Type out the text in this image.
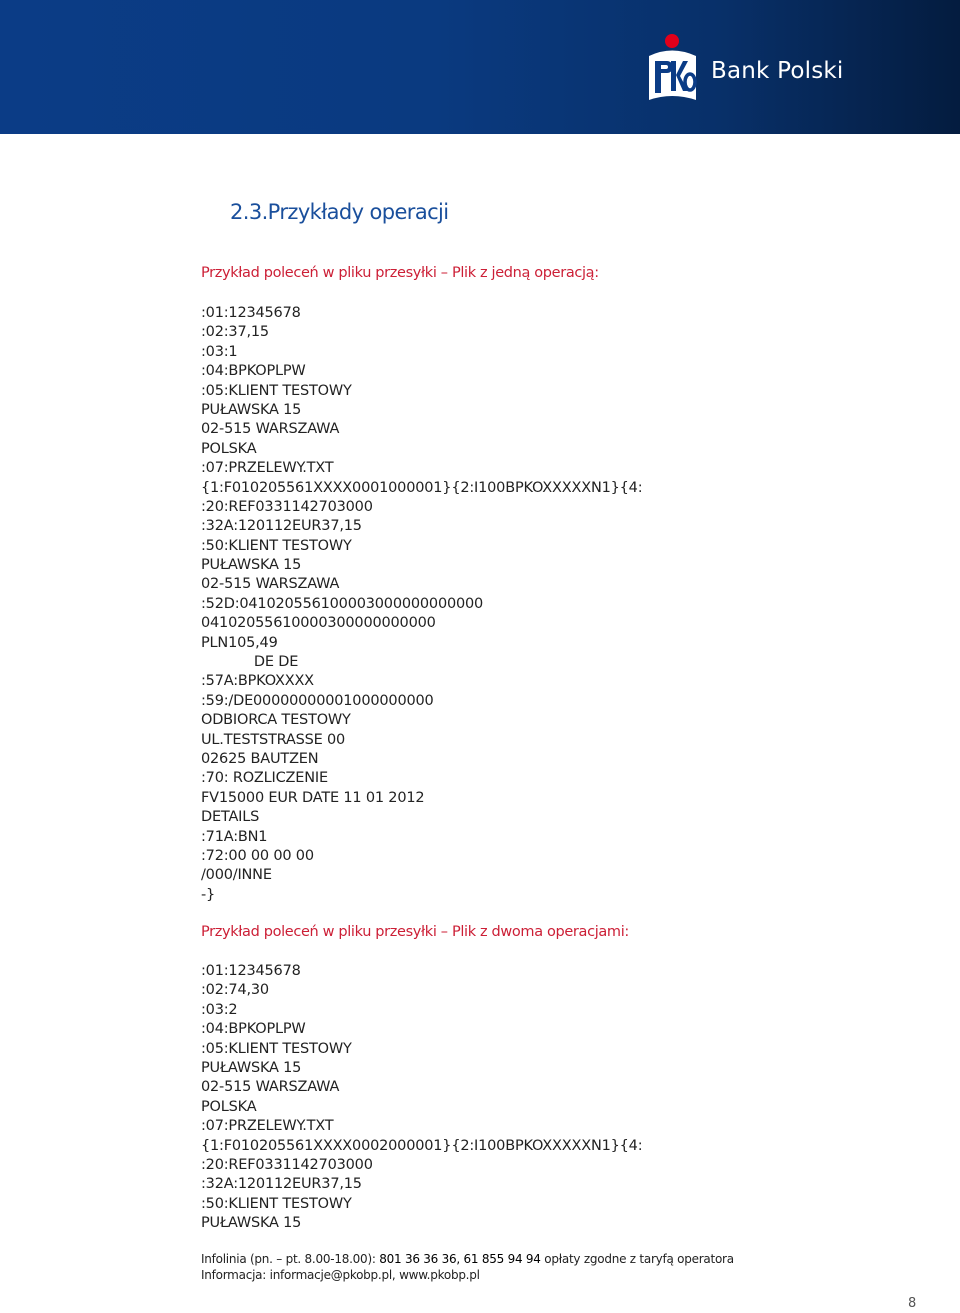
Bank Polski
2.3.Przykłady operacji
Przykład poleceń w pliku przesyłki – Plik z jedną operacją:
:01:12345678
:02:37,15
:03:1
:04:BPKOPLPW
:05:KLIENT TESTOWY
PUŁAWSKA 15
02-515 WARSZAWA
POLSKA
:07:PRZELEWY.TXT
{1:F010205561XXXX0001000001}{2:I100BPKOXXXXXN1}{4:
:20:REF0331142703000
:32A:120112EUR37,15
:50:KLIENT TESTOWY
PUŁAWSKA 15
02-515 WARSZAWA
:52D:041020556100003000000000000
04102055610000300000000000
PLN105,49
DE DE
:57A:BPKOXXXX
:59:/DE00000000001000000000
ODBIORCA TESTOWY
UL.TESTSTRASSE 00
02625 BAUTZEN
:70: ROZLICZENIE
FV15000 EUR DATE 11 01 2012
DETAILS
:71A:BN1
:72:00 00 00 00
/000/INNE
-}
Przykład poleceń w pliku przesyłki – Plik z dwoma operacjami:
:01:12345678
:02:74,30
:03:2
:04:BPKOPLPW
:05:KLIENT TESTOWY
PUŁAWSKA 15
02-515 WARSZAWA
POLSKA
:07:PRZELEWY.TXT
{1:F010205561XXXX0002000001}{2:I100BPKOXXXXXN1}{4:
:20:REF0331142703000
:32A:120112EUR37,15
:50:KLIENT TESTOWY
PUŁAWSKA 15
Infolinia (pn. – pt. 8.00-18.00): 801 36 36 36, 61 855 94 94 opłaty zgodne z taryfą operatora
Informacja: informacje@pkobp.pl, www.pkobp.pl
8
